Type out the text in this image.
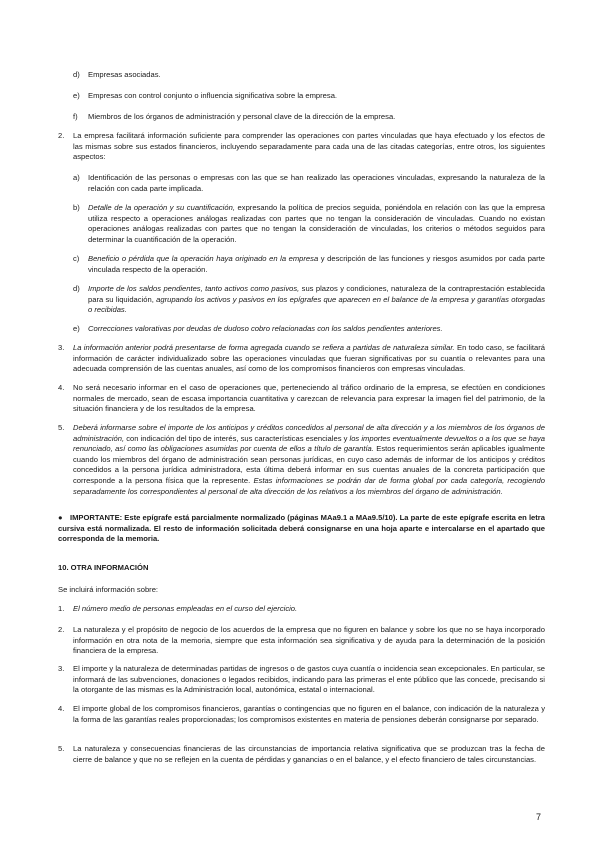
d) Empresas asociadas.
e) Empresas con control conjunto o influencia significativa sobre la empresa.
f) Miembros de los órganos de administración y personal clave de la dirección de la empresa.
2. La empresa facilitará información suficiente para comprender las operaciones con partes vinculadas que haya efectuado y los efectos de las mismas sobre sus estados financieros, incluyendo separadamente para cada una de las citadas categorías, entre otros, los siguientes aspectos:
a) Identificación de las personas o empresas con las que se han realizado las operaciones vinculadas, expresando la naturaleza de la relación con cada parte implicada.
b) Detalle de la operación y su cuantificación, expresando la política de precios seguida, poniéndola en relación con las que la empresa utiliza respecto a operaciones análogas realizadas con partes que no tengan la consideración de vinculadas. Cuando no existan operaciones análogas realizadas con partes que no tengan la consideración de vinculadas, los criterios o métodos seguidos para determinar la cuantificación de la operación.
c) Beneficio o pérdida que la operación haya originado en la empresa y descripción de las funciones y riesgos asumidos por cada parte vinculada respecto de la operación.
d) Importe de los saldos pendientes, tanto activos como pasivos, sus plazos y condiciones, naturaleza de la contraprestación establecida para su liquidación, agrupando los activos y pasivos en los epígrafes que aparecen en el balance de la empresa y garantías otorgadas o recibidas.
e) Correcciones valorativas por deudas de dudoso cobro relacionadas con los saldos pendientes anteriores.
3. La información anterior podrá presentarse de forma agregada cuando se refiera a partidas de naturaleza similar. En todo caso, se facilitará información de carácter individualizado sobre las operaciones vinculadas que fueran significativas por su cuantía o relevantes para una adecuada comprensión de las cuentas anuales, así como de los compromisos financieros con empresas vinculadas.
4. No será necesario informar en el caso de operaciones que, perteneciendo al tráfico ordinario de la empresa, se efectúen en condiciones normales de mercado, sean de escasa importancia cuantitativa y carezcan de relevancia para expresar la imagen fiel del patrimonio, de la situación financiera y de los resultados de la empresa.
5. Deberá informarse sobre el importe de los anticipos y créditos concedidos al personal de alta dirección y a los miembros de los órganos de administración, con indicación del tipo de interés, sus características esenciales y los importes eventualmente devueltos o a los que se haya renunciado, así como las obligaciones asumidas por cuenta de ellos a título de garantía. Estos requerimientos serán aplicables igualmente cuando los miembros del órgano de administración sean personas jurídicas, en cuyo caso además de informar de los anticipos y créditos concedidos a la persona jurídica administradora, esta última deberá informar en sus cuentas anuales de la concreta participación que corresponde a la persona física que la represente. Estas informaciones se podrán dar de forma global por cada categoría, recogiendo separadamente los correspondientes al personal de alta dirección de los relativos a los miembros del órgano de administración.
● IMPORTANTE: Este epígrafe está parcialmente normalizado (páginas MAa9.1 a MAa9.5/10). La parte de este epígrafe escrita en letra cursiva está normalizada. El resto de información solicitada deberá consignarse en una hoja aparte e intercalarse en el apartado que corresponda de la memoria.
10. OTRA INFORMACIÓN
Se incluirá información sobre:
1. El número medio de personas empleadas en el curso del ejercicio.
2. La naturaleza y el propósito de negocio de los acuerdos de la empresa que no figuren en balance y sobre los que no se haya incorporado información en otra nota de la memoria, siempre que esta información sea significativa y de ayuda para la determinación de la posición financiera de la empresa.
3. El importe y la naturaleza de determinadas partidas de ingresos o de gastos cuya cuantía o incidencia sean excepcionales. En particular, se informará de las subvenciones, donaciones o legados recibidos, indicando para las primeras el ente público que las concede, precisando si la otorgante de las mismas es la Administración local, autonómica, estatal o internacional.
4. El importe global de los compromisos financieros, garantías o contingencias que no figuren en el balance, con indicación de la naturaleza y la forma de las garantías reales proporcionadas; los compromisos existentes en materia de pensiones deberán consignarse por separado.
5. La naturaleza y consecuencias financieras de las circunstancias de importancia relativa significativa que se produzcan tras la fecha de cierre de balance y que no se reflejen en la cuenta de pérdidas y ganancias o en el balance, y el efecto financiero de tales circunstancias.
7
